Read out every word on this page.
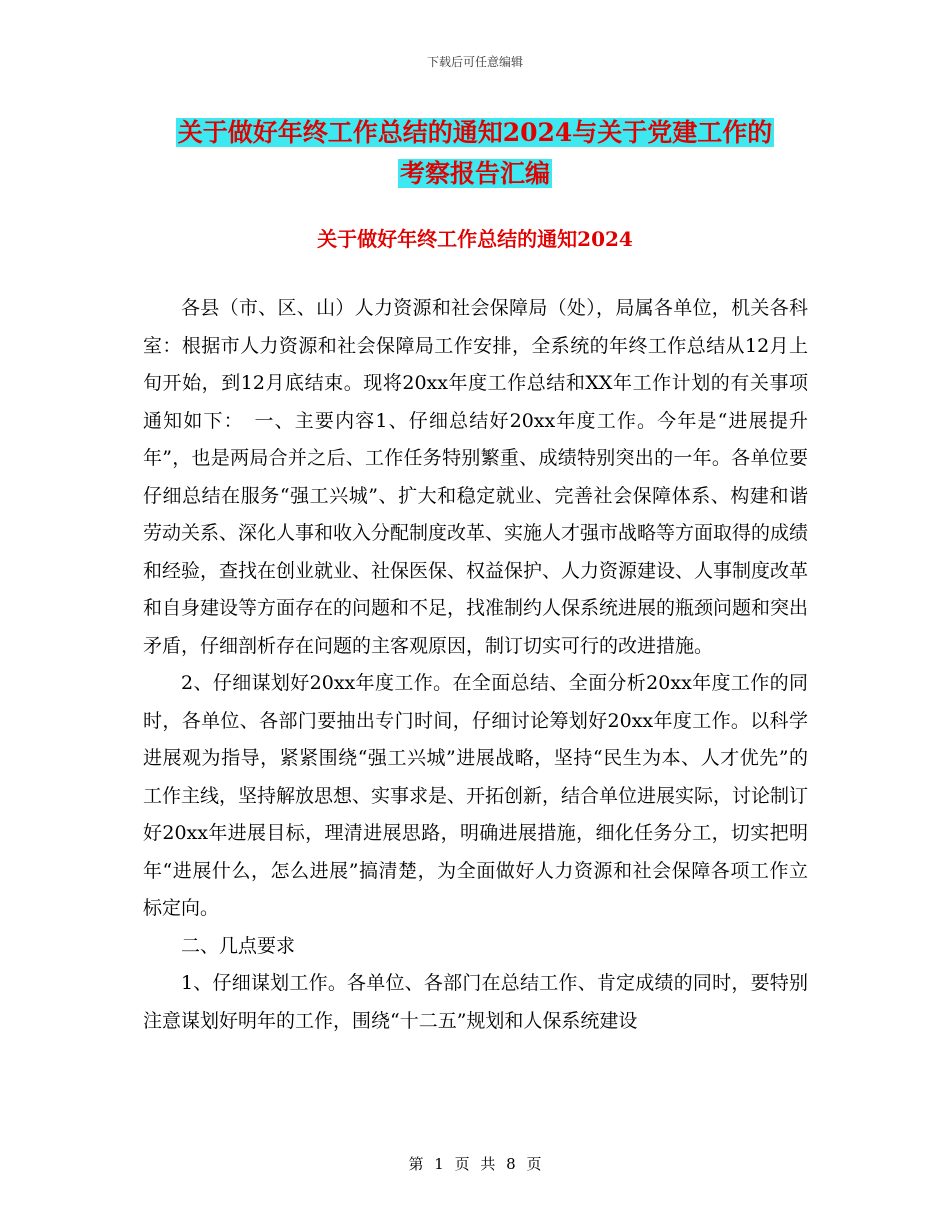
下载后可任意编辑
关于做好年终工作总结的通知2024与关于党建工作的
考察报告汇编
关于做好年终工作总结的通知2024

各县（市、区、山）人力资源和社会保障局（处），局属各单位，机关各科室：根据市人力资源和社会保障局工作安排，全系统的年终工作总结从12月上旬开始，到12月底结束。现将20xx年度工作总结和XX年工作计划的有关事项通知如下：　一、主要内容1、仔细总结好20xx年度工作。今年是“进展提升年”，也是两局合并之后、工作任务特别繁重、成绩特别突出的一年。各单位要仔细总结在服务“强工兴城”、扩大和稳定就业、完善社会保障体系、构建和谐劳动关系、深化人事和收入分配制度改革、实施人才强市战略等方面取得的成绩和经验，查找在创业就业、社保医保、权益保护、人力资源建设、人事制度改革和自身建设等方面存在的问题和不足，找准制约人保系统进展的瓶颈问题和突出矛盾，仔细剖析存在问题的主客观原因，制订切实可行的改进措施。

2、仔细谋划好20xx年度工作。在全面总结、全面分析20xx年度工作的同时，各单位、各部门要抽出专门时间，仔细讨论筹划好20xx年度工作。以科学进展观为指导，紧紧围绕“强工兴城”进展战略，坚持“民生为本、人才优先”的工作主线，坚持解放思想、实事求是、开拓创新，结合单位进展实际，讨论制订好20xx年进展目标，理清进展思路，明确进展措施，细化任务分工，切实把明年“进展什么，怎么进展”搞清楚，为全面做好人力资源和社会保障各项工作立标定向。

二、几点要求

1、仔细谋划工作。各单位、各部门在总结工作、肯定成绩的同时，要特别注意谋划好明年的工作，围绕“十二五”规划和人保系统建设

第 1 页 共 8 页
